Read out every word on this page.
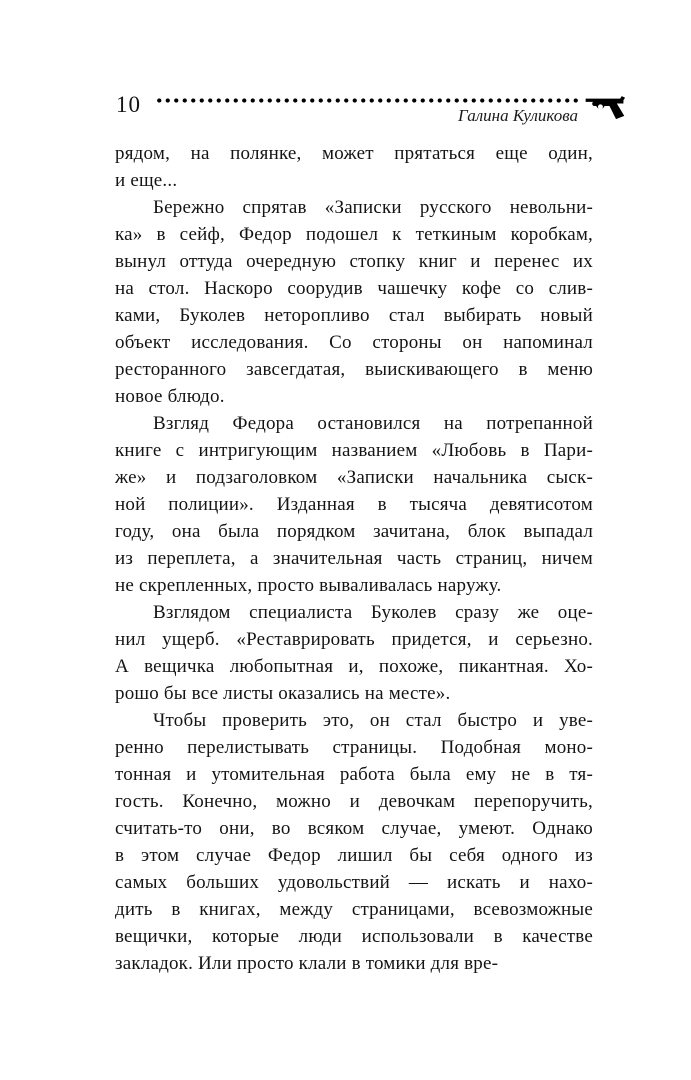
10	Галина Куликова
рядом, на полянке, может прятаться еще один,
и еще...
Бережно спрятав «Записки русского невольни-
ка» в сейф, Федор подошел к теткиным коробкам,
вынул оттуда очередную стопку книг и перенес их
на стол. Наскоро соорудив чашечку кофе со слив-
ками, Буколев неторопливо стал выбирать новый
объект исследования. Со стороны он напоминал
ресторанного завсегдатая, выискивающего в меню
новое блюдо.
Взгляд Федора остановился на потрепанной
книге с интригующим названием «Любовь в Пари-
же» и подзаголовком «Записки начальника сыск-
ной полиции». Изданная в тысяча девятисотом
году, она была порядком зачитана, блок выпадал
из переплета, а значительная часть страниц, ничем
не скрепленных, просто вываливалась наружу.
Взглядом специалиста Буколев сразу же оце-
нил ущерб. «Реставрировать придется, и серьезно.
А вещичка любопытная и, похоже, пикантная. Хо-
рошо бы все листы оказались на месте».
Чтобы проверить это, он стал быстро и уве-
ренно перелистывать страницы. Подобная моно-
тонная и утомительная работа была ему не в тя-
гость. Конечно, можно и девочкам перепоручить,
считать-то они, во всяком случае, умеют. Однако
в этом случае Федор лишил бы себя одного из
самых больших удовольствий — искать и нахо-
дить в книгах, между страницами, всевозможные
вещички, которые люди использовали в качестве
закладок. Или просто клали в томики для вре-
